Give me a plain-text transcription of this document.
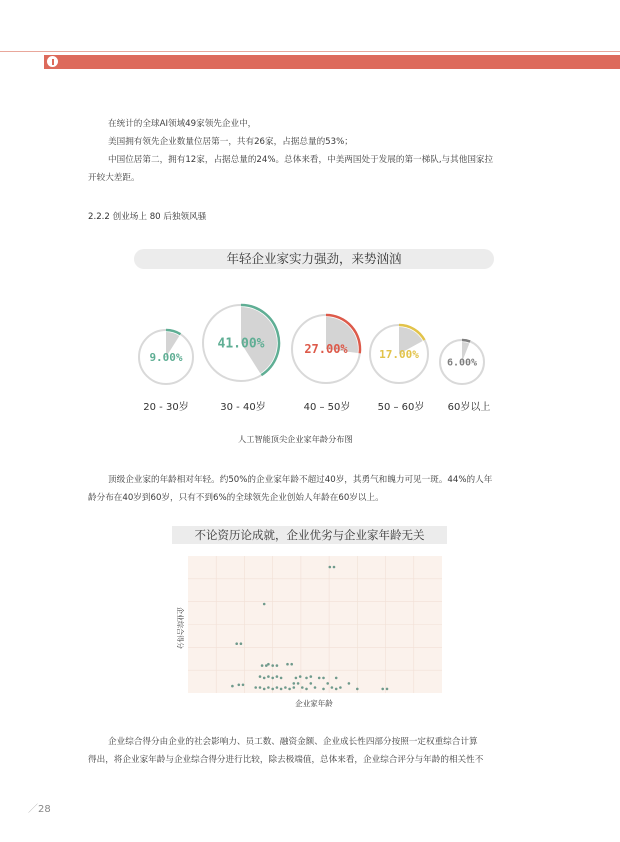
在统计的全球AI领域49家领先企业中，
美国拥有领先企业数量位居第一，共有26家，占据总量的53%；
中国位居第二，拥有12家，占据总量的24%。总体来看，中美两国处于发展的第一梯队,与其他国家拉
开较大差距。
2.2.2 创业场上 80 后独领风骚
年轻企业家实力强劲，来势汹汹
9.00%
41.00%	27.00%	17.00%
6.00%
20 - 30岁	30 - 40岁	40 – 50岁	50 – 60岁	60岁以上
人工智能顶尖企业家年龄分布图
顶级企业家的年龄相对年轻。约50%的企业家年龄不超过40岁，其勇气和魄力可见一斑。44%的人年
龄分布在40岁到60岁，只有不到6%的全球领先企业创始人年龄在60岁以上。
不论资历论成就，企业优劣与企业家年龄无关
企业家年龄
企业综合得分
企业综合得分由企业的社会影响力、员工数、融资金额、企业成长性四部分按照一定权重综合计算
得出，将企业家年龄与企业综合得分进行比较，除去极端值，总体来看，企业综合评分与年龄的相关性不
／28
